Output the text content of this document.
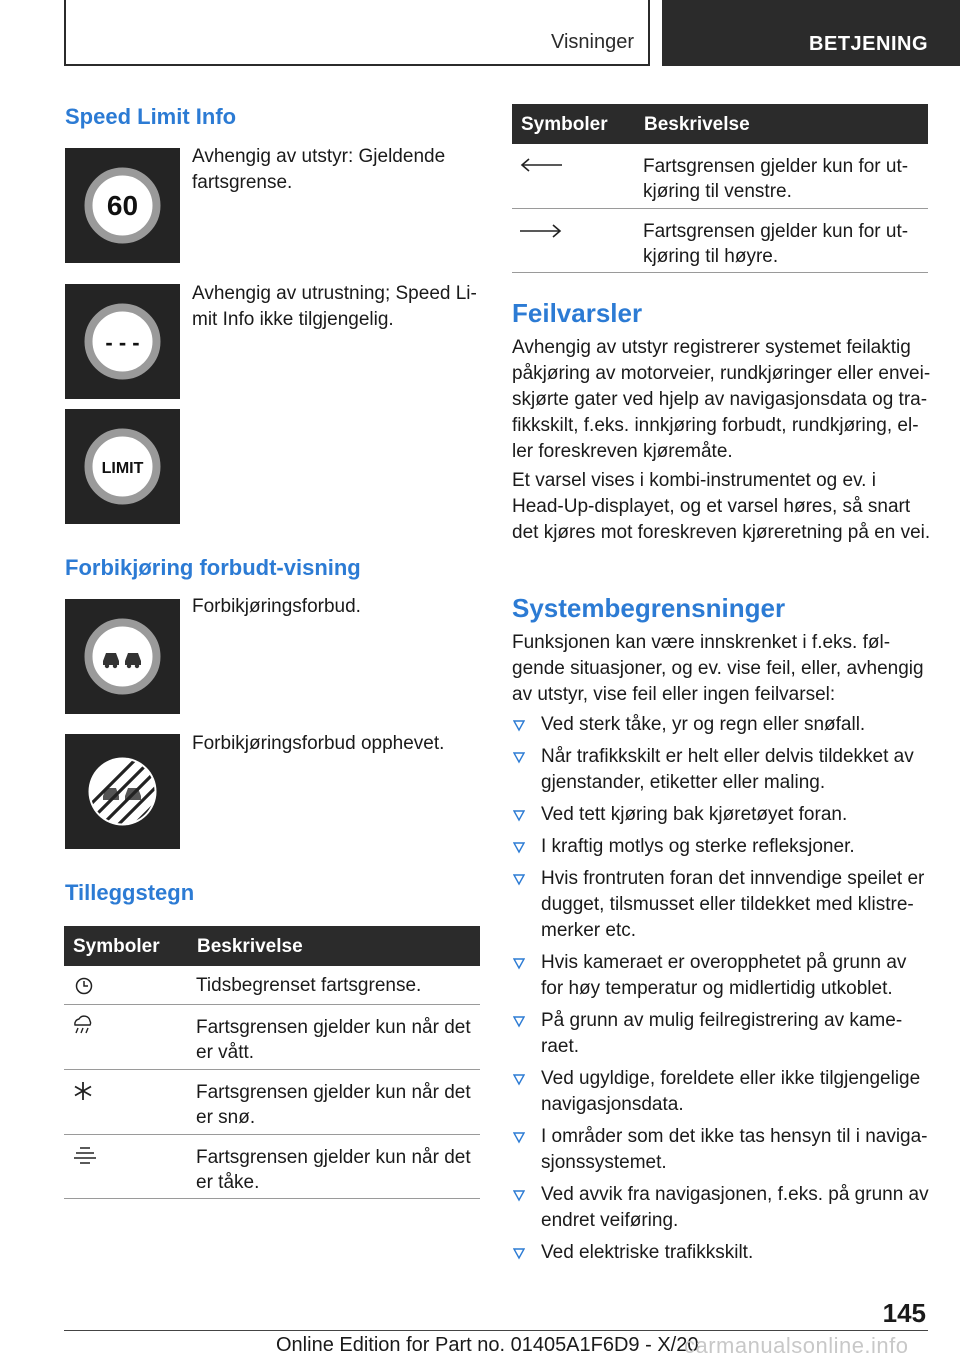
Visninger	BETJENING
Speed Limit Info
60
Avhengig av utstyr: Gjeldende fartsgrense.
- - -
Avhengig av utrustning; Speed Li-mit Info ikke tilgjengelig.
LIMIT
Forbikjøring forbudt-visning
Forbikjøringsforbud.
Forbikjøringsforbud opphevet.
Tilleggstegn
Symboler Beskrivelse
Tidsbegrenset fartsgrense.
Fartsgrensen gjelder kun når det er vått.
Fartsgrensen gjelder kun når det er snø.
Fartsgrensen gjelder kun når det er tåke.
Symboler Beskrivelse
Fartsgrensen gjelder kun for ut-kjøring til venstre.
Fartsgrensen gjelder kun for ut-kjøring til høyre.
Feilvarsler
Avhengig av utstyr registrerer systemet feilaktig påkjøring av motorveier, rundkjøringer eller envei-skjørte gater ved hjelp av navigasjonsdata og tra-fikkskilt, f.eks. innkjøring forbudt, rundkjøring, el-ler foreskreven kjøremåte.
Et varsel vises i kombi-instrumentet og ev. i Head-Up-displayet, og et varsel høres, så snart det kjøres mot foreskreven kjøreretning på en vei.
Systembegrensninger
Funksjonen kan være innskrenket i f.eks. føl-gende situasjoner, og ev. vise feil, eller, avhengig av utstyr, vise feil eller ingen feilvarsel:
Ved sterk tåke, yr og regn eller snøfall.
Når trafikkskilt er helt eller delvis tildekket av gjenstander, etiketter eller maling.
Ved tett kjøring bak kjøretøyet foran.
I kraftig motlys og sterke refleksjoner.
Hvis frontruten foran det innvendige speilet er dugget, tilsmusset eller tildekket med klistre-merker etc.
Hvis kameraet er overopphetet på grunn av for høy temperatur og midlertidig utkoblet.
På grunn av mulig feilregistrering av kame-raet.
Ved ugyldige, foreldete eller ikke tilgjengelige navigasjonsdata.
I områder som det ikke tas hensyn til i naviga-sjonssystemet.
Ved avvik fra navigasjonen, f.eks. på grunn av endret veiføring.
Ved elektriske trafikkskilt.
145
Online Edition for Part no. 01405A1F6D9 - X/20
carmanualsonline.info
